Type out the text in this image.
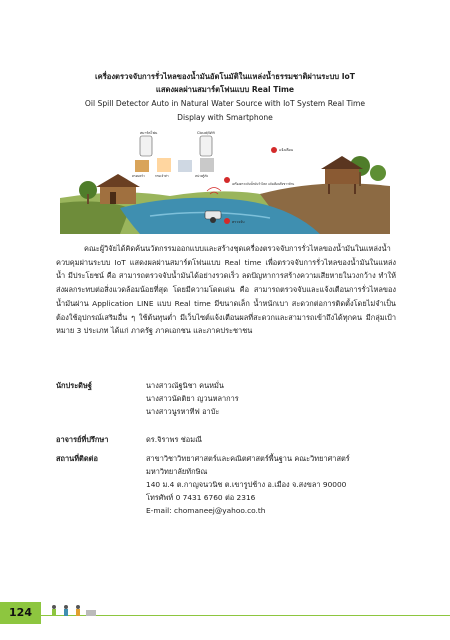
เครื่องตรวจจับการรั่วไหลของน้ำมันอัตโนมัติในแหล่งน้ำธรรมชาติผ่านระบบ IoT
แสดงผลผ่านสมาร์ตโฟนแบบ Real Time
Oil Spill Detector Auto in Natural Water Source with IoT System Real Time
Display with Smartphone
สมาร์ตโฟน	Cloud/Wifi
ครอบครัว	กรมเจ้าท่า	หน่วยกู้ภัย
แจ้งเตือน
เครื่องตรวจจับน้ำมันรั่วไหล แจ้งเตือนถึงชาวบ้าน
ตรวจจับ
คณะผู้วิจัยได้คิดค้นนวัตกรรมออกแบบและสร้างชุดเครื่องตรวจจับการรั่วไหลของน้ำมันในแหล่งน้ำควบคุมผ่านระบบ IoT แสดงผลผ่านสมาร์ตโฟนแบบ Real time เพื่อตรวจจับการรั่วไหลของน้ำมันในแหล่งน้ำ มีประโยชน์ คือ สามารถตรวจจับน้ำมันได้อย่างรวดเร็ว ลดปัญหาการสร้างความเสียหายในวงกว้าง ทำให้ส่งผลกระทบต่อสิ่งแวดล้อมน้อยที่สุด โดยมีความโดดเด่น คือ สามารถตรวจจับและแจ้งเตือนการรั่วไหลของน้ำมันผ่าน Application LINE แบบ Real time มีขนาดเล็ก น้ำหนักเบา สะดวกต่อการติดตั้งโดยไม่จำเป็นต้องใช้อุปกรณ์เสริมอื่น ๆ ใช้ต้นทุนต่ำ มีเว็บไซต์แจ้งเตือนผลที่สะดวกและสามารถเข้าถึงได้ทุกคน มีกลุ่มเป้าหมาย 3 ประเภท ได้แก่ ภาครัฐ ภาคเอกชน และภาคประชาชน
นักประดิษฐ์	นางสาวณัฐนิชา คนหมั่น
นางสาวนัดติยา ญวนหลาการ
นางสาวนูรหาทีฟ อาบัะ
อาจารย์ที่ปรึกษา	ดร.จิราพร ช่อมณี
สถานที่ติดต่อ	สาขาวิชาวิทยาศาสตร์และคณิตศาสตร์พื้นฐาน คณะวิทยาศาสตร์
มหาวิทยาลัยทักษิณ
140 ม.4 ต.กาญจนวนิช ต.เขารูปช้าง อ.เมือง จ.สงขลา 90000
โทรศัพท์ 0 7431 6760 ต่อ 2316
E-mail: chomaneej@yahoo.co.th
124
